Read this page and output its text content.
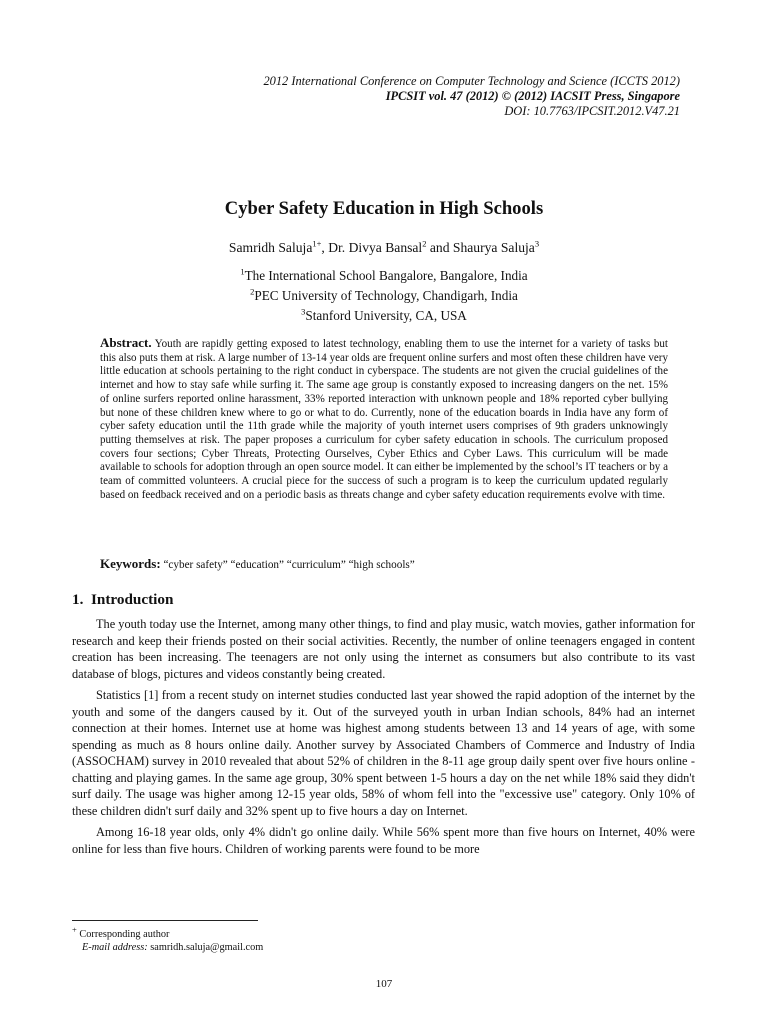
2012 International Conference on Computer Technology and Science (ICCTS 2012)
IPCSIT vol. 47 (2012) © (2012) IACSIT Press, Singapore
DOI: 10.7763/IPCSIT.2012.V47.21
Cyber Safety Education in High Schools
Samridh Saluja$^{1+}$, Dr. Divya Bansal$^2$ and Shaurya Saluja$^3$
$^1$The International School Bangalore, Bangalore, India
$^2$PEC University of Technology, Chandigarh, India
$^3$Stanford University, CA, USA
Abstract. Youth are rapidly getting exposed to latest technology, enabling them to use the internet for a variety of tasks but this also puts them at risk. A large number of 13-14 year olds are frequent online surfers and most often these children have very little education at schools pertaining to the right conduct in cyberspace. The students are not given the crucial guidelines of the internet and how to stay safe while surfing it. The same age group is constantly exposed to increasing dangers on the net. 15% of online surfers reported online harassment, 33% reported interaction with unknown people and 18% reported cyber bullying but none of these children knew where to go or what to do. Currently, none of the education boards in India have any form of cyber safety education until the 11th grade while the majority of youth internet users comprises of 9th graders unknowingly putting themselves at risk. The paper proposes a curriculum for cyber safety education in schools. The curriculum proposed covers four sections; Cyber Threats, Protecting Ourselves, Cyber Ethics and Cyber Laws. This curriculum will be made available to schools for adoption through an open source model. It can either be implemented by the school’s IT teachers or by a team of committed volunteers. A crucial piece for the success of such a program is to keep the curriculum updated regularly based on feedback received and on a periodic basis as threats change and cyber safety education requirements evolve with time.
Keywords: “cyber safety” “education” “curriculum” “high schools”
1. Introduction

The youth today use the Internet, among many other things, to find and play music, watch movies, gather information for research and keep their friends posted on their social activities. Recently, the number of online teenagers engaged in content creation has been increasing. The teenagers are not only using the internet as consumers but also contribute to its vast database of blogs, pictures and videos constantly being created.

Statistics [1] from a recent study on internet studies conducted last year showed the rapid adoption of the internet by the youth and some of the dangers caused by it. Out of the surveyed youth in urban Indian schools, 84% had an internet connection at their homes. Internet use at home was highest among students between 13 and 14 years of age, with some spending as much as 8 hours online daily. Another survey by Associated Chambers of Commerce and Industry of India (ASSOCHAM) survey in 2010 revealed that about 52% of children in the 8-11 age group daily spent over five hours online - chatting and playing games. In the same age group, 30% spent between 1-5 hours a day on the net while 18% said they didn't surf daily. The usage was higher among 12-15 year olds, 58% of whom fell into the "excessive use" category. Only 10% of these children didn't surf daily and 32% spent up to five hours a day on Internet.

Among 16-18 year olds, only 4% didn't go online daily. While 56% spent more than five hours on Internet, 40% were online for less than five hours. Children of working parents were found to be more

+ Corresponding author
E-mail address: samridh.saluja@gmail.com
107
